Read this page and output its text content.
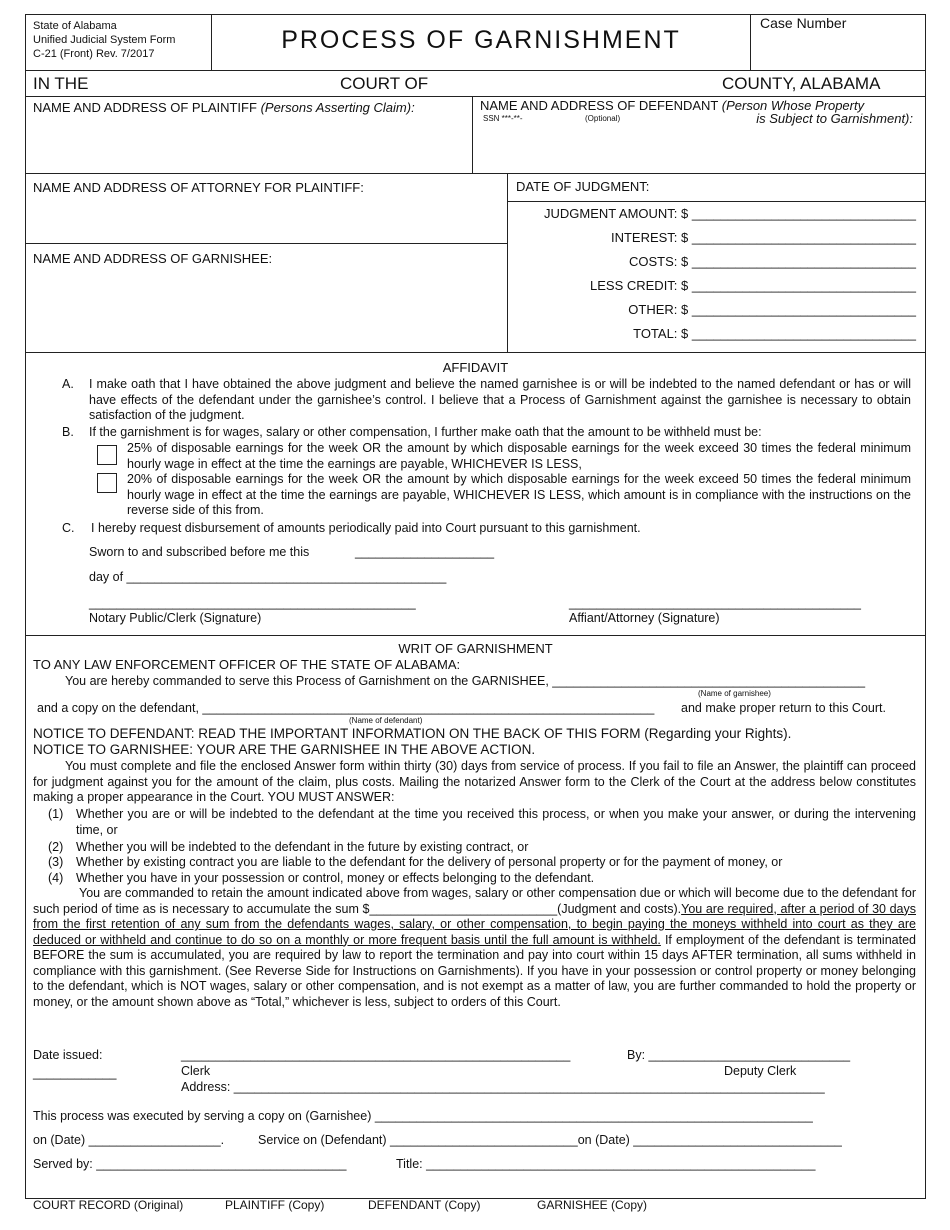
State of Alabama
Unified Judicial System Form
C-21 (Front) Rev. 7/2017	PROCESS OF GARNISHMENT
Case Number
IN THE	COURT OF	COUNTY, ALABAMA
NAME AND ADDRESS OF PLAINTIFF (Persons Asserting Claim):	NAME AND ADDRESS OF DEFENDANT (Person Whose Property
SSN ***-**-	(Optional)	is Subject to Garnishment):
NAME AND ADDRESS OF ATTORNEY FOR PLAINTIFF:
NAME AND ADDRESS OF GARNISHEE:
DATE OF JUDGMENT:
JUDGMENT AMOUNT: $ _______________________________
INTEREST: $ _______________________________
COSTS: $ _______________________________
LESS CREDIT: $ _______________________________
OTHER: $ _______________________________
TOTAL: $ _______________________________
AFFIDAVIT
A. I make oath that I have obtained the above judgment and believe the named garnishee is or will be indebted to the named defendant or has or will have effects of the defendant under the garnishee’s control. I believe that a Process of Garnishment against the garnishee is necessary to obtain satisfaction of the judgment.
B. If the garnishment is for wages, salary or other compensation, I further make oath that the amount to be withheld must be:
25% of disposable earnings for the week OR the amount by which disposable earnings for the week exceed 30 times the federal minimum hourly wage in effect at the time the earnings are payable, WHICHEVER IS LESS,
20% of disposable earnings for the week OR the amount by which disposable earnings for the week exceed 50 times the federal minimum hourly wage in effect at the time the earnings are payable, WHICHEVER IS LESS, which amount is in compliance with the instructions on the reverse side of this from.
C. I hereby request disbursement of amounts periodically paid into Court pursuant to this garnishment.
Sworn to and subscribed before me this	____________________
day of ______________________________________________
_______________________________________________	__________________________________________
Notary Public/Clerk (Signature)	Affiant/Attorney (Signature)
WRIT OF GARNISHMENT
TO ANY LAW ENFORCEMENT OFFICER OF THE STATE OF ALABAMA:
You are hereby commanded to serve this Process of Garnishment on the GARNISHEE, _____________________________________________
(Name of garnishee)
and a copy on the defendant, _________________________________________________________________
(Name of defendant)
and make proper return to this Court.
NOTICE TO DEFENDANT: READ THE IMPORTANT INFORMATION ON THE BACK OF THIS FORM (Regarding your Rights).
NOTICE TO GARNISHEE: YOUR ARE THE GARNISHEE IN THE ABOVE ACTION.
You must complete and file the enclosed Answer form within thirty (30) days from service of process. If you fail to file an Answer, the plaintiff can proceed for judgment against you for the amount of the claim, plus costs. Mailing the notarized Answer form to the Clerk of the Court at the address below constitutes making a proper appearance in the Court. YOU MUST ANSWER:
(1) Whether you are or will be indebted to the defendant at the time you received this process, or when you make your answer, or during the intervening time, or
(2) Whether you will be indebted to the defendant in the future by existing contract, or
(3) Whether by existing contract you are liable to the defendant for the delivery of personal property or for the payment of money, or
(4) Whether you have in your possession or control, money or effects belonging to the defendant.
You are commanded to retain the amount indicated above from wages, salary or other compensation due or which will become due to the defendant for such period of time as is necessary to accumulate the sum $___________________________(Judgment and costs).You are required, after a period of 30 days from the first retention of any sum from the defendants wages, salary, or other compensation, to begin paying the moneys withheld into court as they are deduced or withheld and continue to do so on a monthly or more frequent basis until the full amount is withheld. If employment of the defendant is terminated BEFORE the sum is accumulated, you are required by law to report the termination and pay into court within 15 days AFTER termination, all sums withheld in compliance with this garnishment. (See Reverse Side for Instructions on Garnishments). If you have in your possession or control property or money belonging to the defendant, which is NOT wages, salary or other compensation, and is not exempt as a matter of law, you are further commanded to hold the property or money, or the amount shown above as “Total,” whichever is less, subject to orders of this Court.
Date issued:
____________
________________________________________________________	By: _____________________________
Clerk	Deputy Clerk
Address: _____________________________________________________________________________________
This process was executed by serving a copy on (Garnishee) _______________________________________________________________
on (Date) ___________________.	Service on (Defendant) ___________________________on (Date) ______________________________
Served by: ____________________________________	Title: ________________________________________________________
COURT RECORD (Original)	PLAINTIFF (Copy)	DEFENDANT (Copy)	GARNISHEE (Copy)
